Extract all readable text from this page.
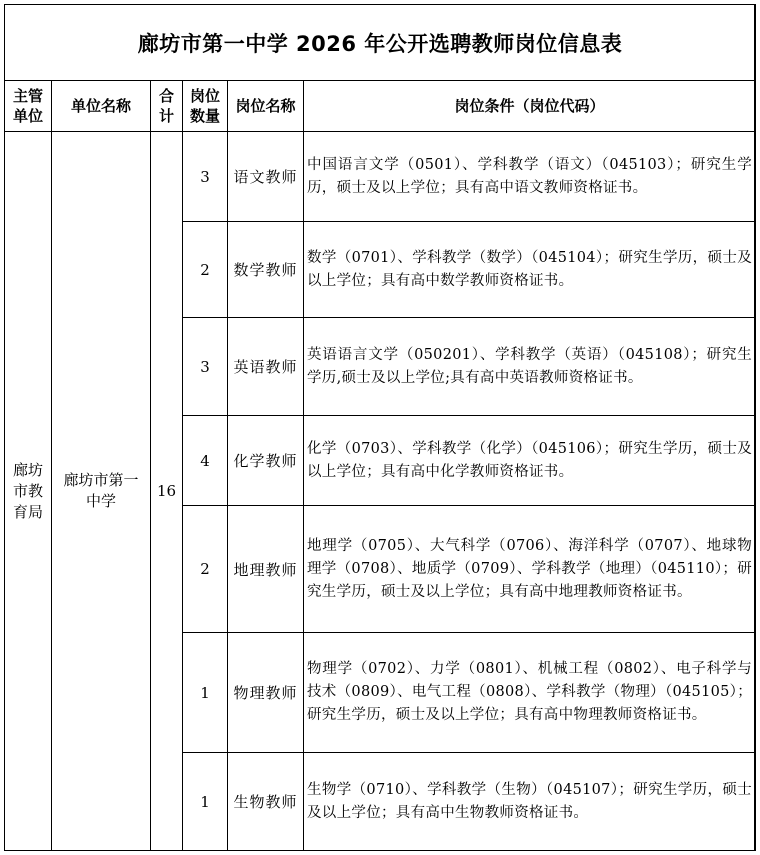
廊坊市第一中学 2026 年公开选聘教师岗位信息表					

主管单位	单位名称	合计	岗位数量	岗位名称	岗位条件（岗位代码）

廊坊市教育局	廊坊市第一中学	16	3	语文教师	中国语言文学（0501）、学科教学（语文）（045103）；研究生学历，硕士及以上学位；具有高中语文教师资格证书。
			2	数学教师	数学（0701）、学科教学（数学）（045104）；研究生学历，硕士及以上学位；具有高中数学教师资格证书。
			3	英语教师	英语语言文学（050201）、学科教学（英语）（045108）；研究生学历,硕士及以上学位;具有高中英语教师资格证书。
			4	化学教师	化学（0703）、学科教学（化学）（045106）；研究生学历，硕士及以上学位；具有高中化学教师资格证书。
			2	地理教师	地理学（0705）、大气科学（0706）、海洋科学（0707）、地球物理学（0708）、地质学（0709）、学科教学（地理）（045110）；研究生学历，硕士及以上学位；具有高中地理教师资格证书。
			1	物理教师	物理学（0702）、力学（0801）、机械工程（0802）、电子科学与技术（0809）、电气工程（0808）、学科教学（物理）（045105）；研究生学历，硕士及以上学位；具有高中物理教师资格证书。
			1	生物教师	生物学（0710）、学科教学（生物）（045107）；研究生学历，硕士及以上学位；具有高中生物教师资格证书。
